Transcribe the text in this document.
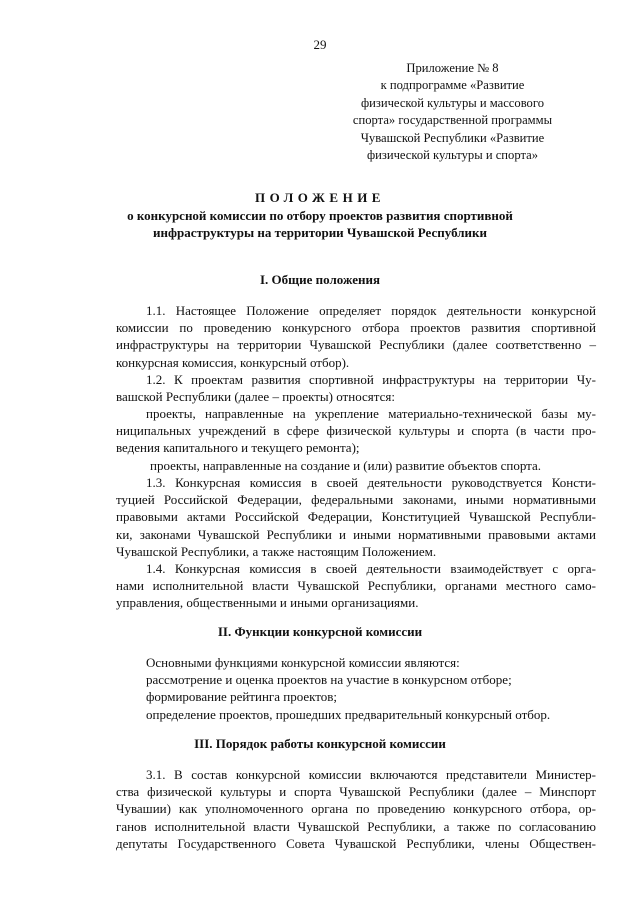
29
Приложение № 8
к подпрограмме «Развитие
физической культуры и массового
спорта» государственной программы
Чувашской Республики «Развитие
физической культуры и спорта»
ПОЛОЖЕНИЕ
о конкурсной комиссии по отбору проектов развития спортивной
инфраструктуры на территории Чувашской Республики
I. Общие положения
1.1. Настоящее Положение определяет порядок деятельности конкурсной
комиссии по проведению конкурсного отбора проектов развития спортивной
инфраструктуры на территории Чувашской Республики (далее соответственно –
конкурсная комиссия, конкурсный отбор).
1.2. К проектам развития спортивной инфраструктуры на территории Чу-
вашской Республики (далее – проекты) относятся:
проекты, направленные на укрепление материально-технической базы му-
ниципальных учреждений в сфере физической культуры и спорта (в части про-
ведения капитального и текущего ремонта);
проекты, направленные на создание и (или) развитие объектов спорта.
1.3. Конкурсная комиссия в своей деятельности руководствуется Консти-
туцией Российской Федерации, федеральными законами, иными нормативными
правовыми актами Российской Федерации, Конституцией Чувашской Республи-
ки, законами Чувашской Республики и иными нормативными правовыми актами
Чувашской Республики, а также настоящим Положением.
1.4. Конкурсная комиссия в своей деятельности взаимодействует с орга-
нами исполнительной власти Чувашской Республики, органами местного само-
управления, общественными и иными организациями.
II. Функции конкурсной комиссии
Основными функциями конкурсной комиссии являются:
рассмотрение и оценка проектов на участие в конкурсном отборе;
формирование рейтинга проектов;
определение проектов, прошедших предварительный конкурсный отбор.
III. Порядок работы конкурсной комиссии
3.1. В состав конкурсной комиссии включаются представители Министер-
ства физической культуры и спорта Чувашской Республики (далее – Минспорт
Чувашии) как уполномоченного органа по проведению конкурсного отбора, ор-
ганов исполнительной власти Чувашской Республики, а также по согласованию
депутаты Государственного Совета Чувашской Республики, члены Обществен-
